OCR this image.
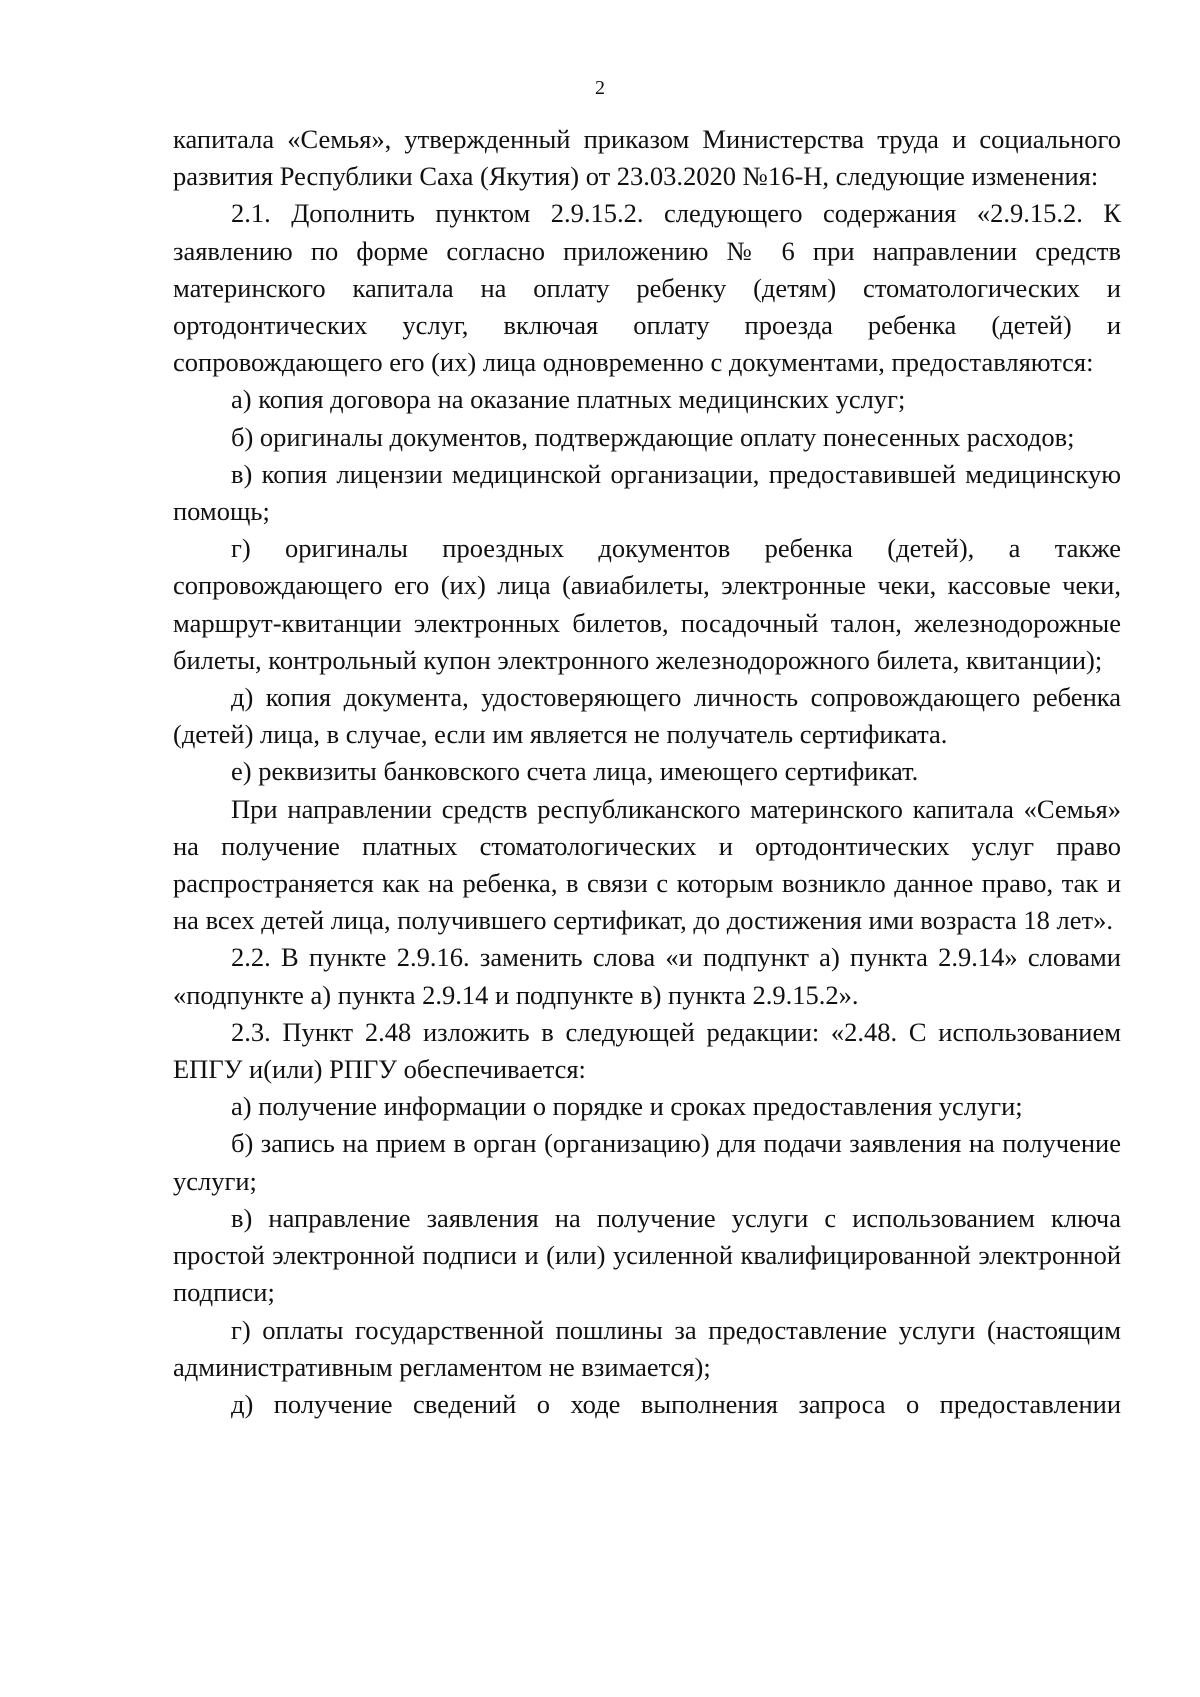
2

капитала «Семья», утвержденный приказом Министерства труда и социального развития Республики Саха (Якутия) от 23.03.2020 №16-Н, следующие изменения:

2.1. Дополнить пунктом 2.9.15.2. следующего содержания «2.9.15.2. К заявлению по форме согласно приложению № 6 при направлении средств материнского капитала на оплату ребенку (детям) стоматологических и ортодонтических услуг, включая оплату проезда ребенка (детей) и сопровождающего его (их) лица одновременно с документами, предоставляются:

а) копия договора на оказание платных медицинских услуг;

б) оригиналы документов, подтверждающие оплату понесенных расходов;

в) копия лицензии медицинской организации, предоставившей медицинскую помощь;

г) оригиналы проездных документов ребенка (детей), а также сопровождающего его (их) лица (авиабилеты, электронные чеки, кассовые чеки, маршрут-квитанции электронных билетов, посадочный талон, железнодорожные билеты, контрольный купон электронного железнодорожного билета, квитанции);

д) копия документа, удостоверяющего личность сопровождающего ребенка (детей) лица, в случае, если им является не получатель сертификата.

е) реквизиты банковского счета лица, имеющего сертификат.

При направлении средств республиканского материнского капитала «Семья» на получение платных стоматологических и ортодонтических услуг право распространяется как на ребенка, в связи с которым возникло данное право, так и на всех детей лица, получившего сертификат, до достижения ими возраста 18 лет».

2.2. В пункте 2.9.16. заменить слова «и подпункт а) пункта 2.9.14» словами «подпункте а) пункта 2.9.14 и подпункте в) пункта 2.9.15.2».

2.3. Пункт 2.48 изложить в следующей редакции: «2.48. С использованием ЕПГУ и(или) РПГУ обеспечивается:

а) получение информации о порядке и сроках предоставления услуги;

б) запись на прием в орган (организацию) для подачи заявления на получение услуги;

в) направление заявления на получение услуги с использованием ключа простой электронной подписи и (или) усиленной квалифицированной электронной подписи;

г) оплаты государственной пошлины за предоставление услуги (настоящим административным регламентом не взимается);

д) получение сведений о ходе выполнения запроса о предоставлении
